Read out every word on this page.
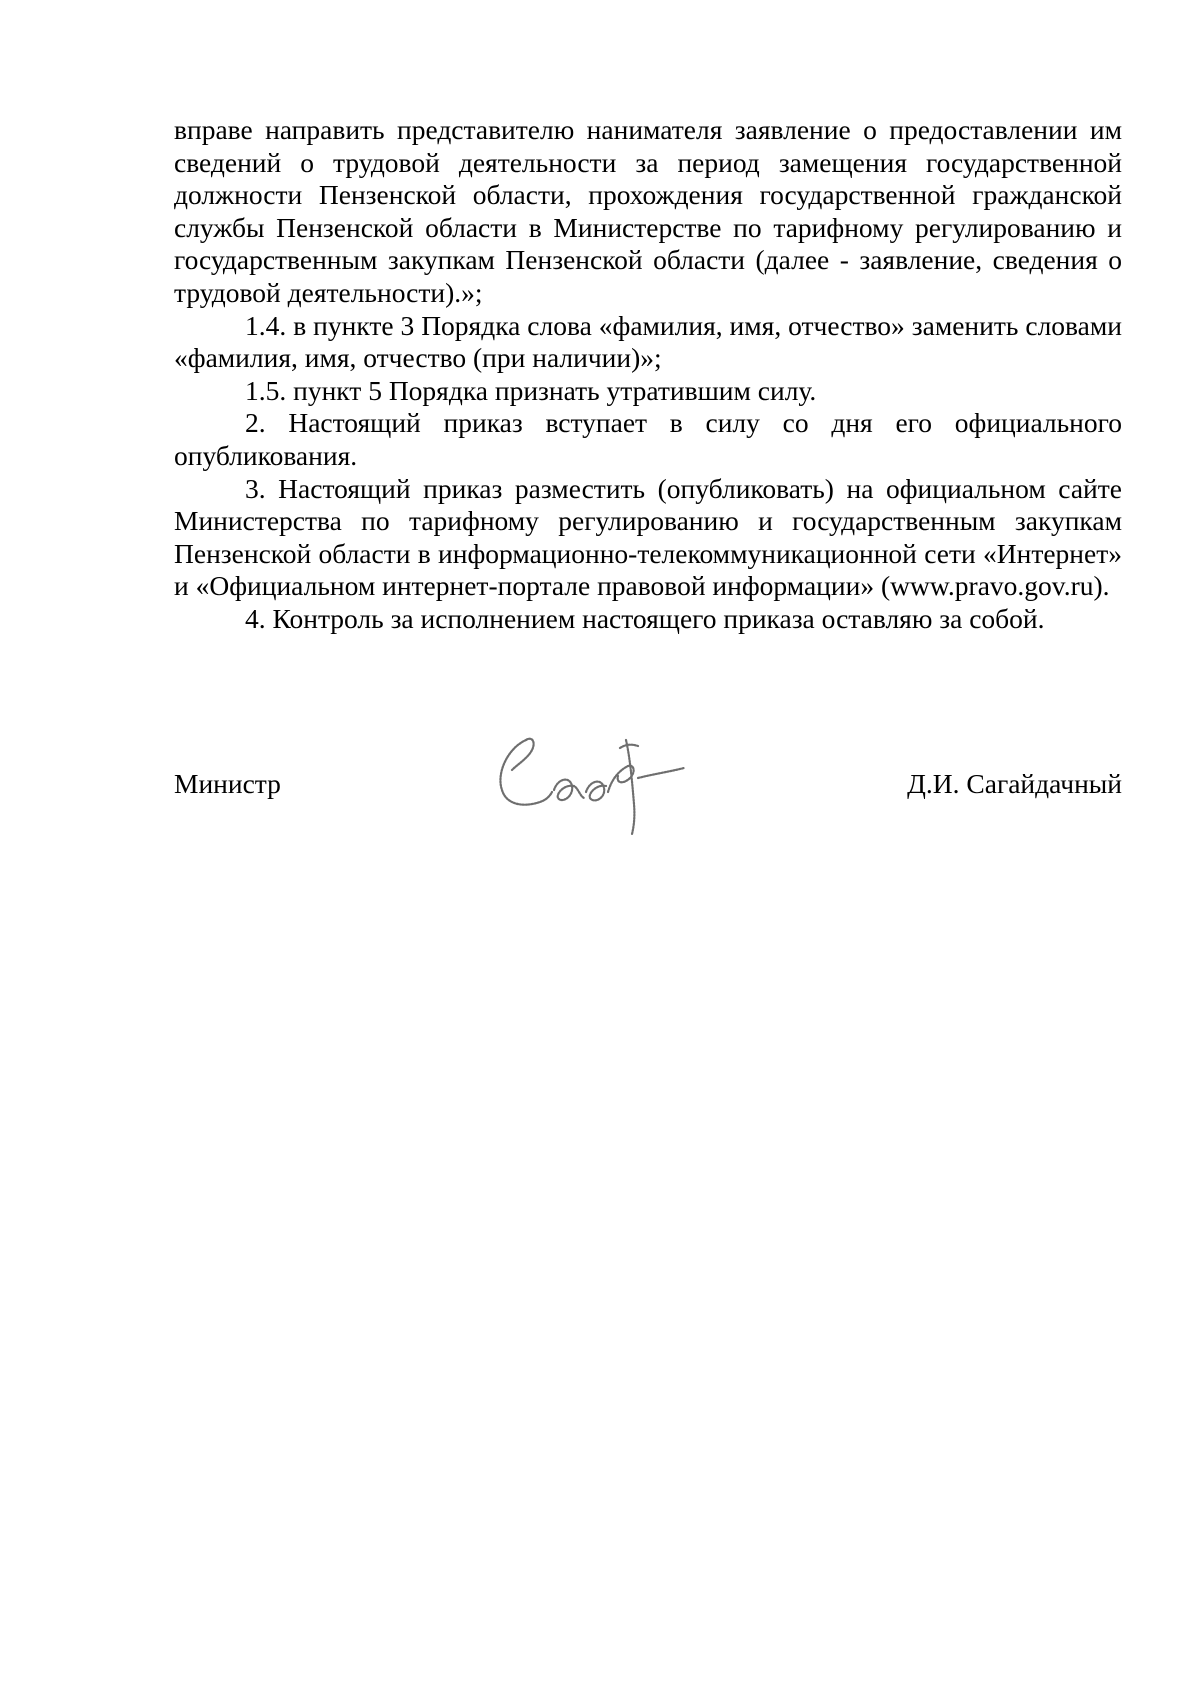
вправе направить представителю нанимателя заявление о предоставлении им сведений о трудовой деятельности за период замещения государственной должности Пензенской области, прохождения государственной гражданской службы Пензенской области в Министерстве по тарифному регулированию и государственным закупкам Пензенской области (далее - заявление, сведения о трудовой деятельности).»;

1.4. в пункте 3 Порядка слова «фамилия, имя, отчество» заменить словами «фамилия, имя, отчество (при наличии)»;

1.5. пункт 5 Порядка признать утратившим силу.

2. Настоящий приказ вступает в силу со дня его официального опубликования.

3. Настоящий приказ разместить (опубликовать) на официальном сайте Министерства по тарифному регулированию и государственным закупкам Пензенской области в информационно-телекоммуникационной сети «Интернет» и «Официальном интернет-портале правовой информации» (www.pravo.gov.ru).

4. Контроль за исполнением настоящего приказа оставляю за собой.

Министр	Д.И. Сагайдачный
